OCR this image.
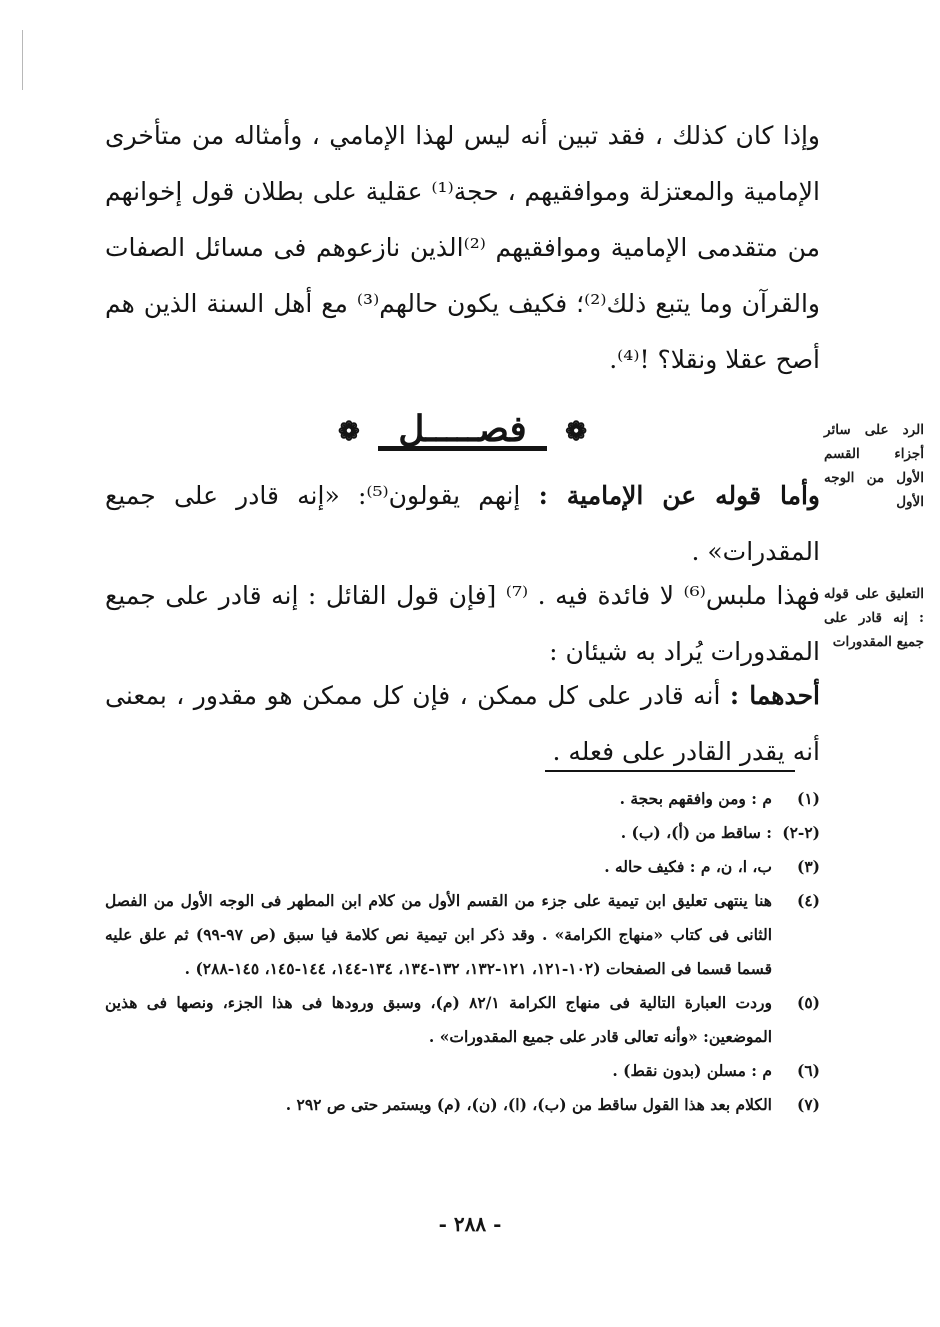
وإذا كان كذلك ، فقد تبين أنه ليس لهذا الإمامي ، وأمثاله من متأخرى الإمامية والمعتزلة وموافقيهم ، حجة⁽¹⁾ عقلية على بطلان قول إخوانهم من متقدمى الإمامية وموافقيهم ⁽²⁾الذين نازعوهم فى مسائل الصفات والقرآن وما يتبع ذلك⁽²⁾؛ فكيف يكون حالهم⁽³⁾ مع أهل السنة الذين هم أصح عقلا ونقلا؟ !⁽⁴⁾.
❁ فصـــــل ❁
وأما قوله عن الإمامية : إنهم يقولون⁽⁵⁾: «إنه قادر على جميع المقدرات» .
فهذا ملبس⁽⁶⁾ لا فائدة فيه . ⁽⁷⁾ [فإن قول القائل : إنه قادر على جميع المقدورات يُراد به شيئان :
أحدهما : أنه قادر على كل ممكن ، فإن كل ممكن هو مقدور ، بمعنى أنه يقدر القادر على فعله .
الرد على سائر أجزاء القسم الأول من الوجه الأول
التعليق على قوله : إنه قادر على جميع المقدورات
(١)
م : ومن وافقهم بحجة .
(٢-٢)
: ساقط من (أ)، (ب) .
(٣)
ب، ا، ن، م : فكيف حاله .
(٤)
هنا ينتهى تعليق ابن تيمية على جزء من القسم الأول من كلام ابن المطهر فى الوجه الأول من الفصل الثانى فى كتاب «منهاج الكرامة» . وقد ذكر ابن تيمية نص كلامة فيا سبق (ص ٩٧-٩٩) ثم علق عليه قسما قسما فى الصفحات (١٠٢-١٢١، ١٢١-١٣٢، ١٣٢-١٣٤، ١٣٤-١٤٤، ١٤٤-١٤٥، ١٤٥-٢٨٨) .
(٥)
وردت العبارة التالية فى منهاج الكرامة ٨٢/١ (م)، وسبق ورودها فى هذا الجزء، ونصها فى هذين الموضعين: «وأنه تعالى قادر على جميع المقدورات» .
(٦)
م : مسلن (بدون نقط) .
(٧)
الكلام بعد هذا القول ساقط من (ب)، (ا)، (ن)، (م) ويستمر حتى ص ٢٩٢ .
- ٢٨٨ -
